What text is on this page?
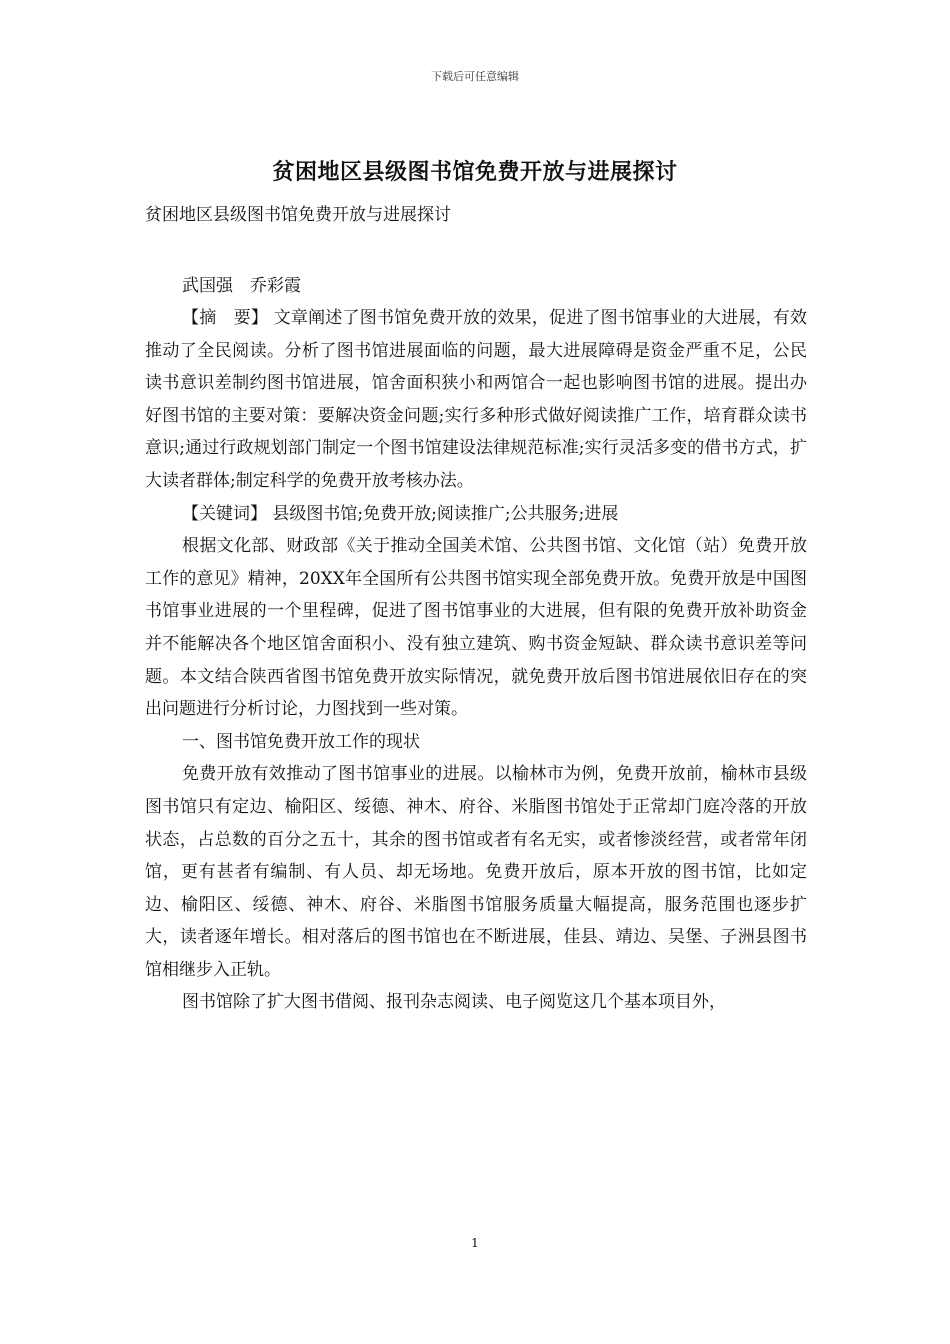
下载后可任意编辑
贫困地区县级图书馆免费开放与进展探讨
贫困地区县级图书馆免费开放与进展探讨
武国强　乔彩霞

【摘　要】 文章阐述了图书馆免费开放的效果，促进了图书馆事业的大进展，有效推动了全民阅读。分析了图书馆进展面临的问题，最大进展障碍是资金严重不足，公民读书意识差制约图书馆进展，馆舍面积狭小和两馆合一起也影响图书馆的进展。提出办好图书馆的主要对策：要解决资金问题;实行多种形式做好阅读推广工作，培育群众读书意识;通过行政规划部门制定一个图书馆建设法律规范标准;实行灵活多变的借书方式，扩大读者群体;制定科学的免费开放考核办法。

【关键词】 县级图书馆;免费开放;阅读推广;公共服务;进展

根据文化部、财政部《关于推动全国美术馆、公共图书馆、文化馆（站）免费开放工作的意见》精神，20XX年全国所有公共图书馆实现全部免费开放。免费开放是中国图书馆事业进展的一个里程碑，促进了图书馆事业的大进展，但有限的免费开放补助资金并不能解决各个地区馆舍面积小、没有独立建筑、购书资金短缺、群众读书意识差等问题。本文结合陕西省图书馆免费开放实际情况，就免费开放后图书馆进展依旧存在的突出问题进行分析讨论，力图找到一些对策。

一、图书馆免费开放工作的现状

免费开放有效推动了图书馆事业的进展。以榆林市为例，免费开放前，榆林市县级图书馆只有定边、榆阳区、绥德、神木、府谷、米脂图书馆处于正常却门庭冷落的开放状态，占总数的百分之五十，其余的图书馆或者有名无实，或者惨淡经营，或者常年闭馆，更有甚者有编制、有人员、却无场地。免费开放后，原本开放的图书馆，比如定边、榆阳区、绥德、神木、府谷、米脂图书馆服务质量大幅提高，服务范围也逐步扩大，读者逐年增长。相对落后的图书馆也在不断进展，佳县、靖边、吴堡、子洲县图书馆相继步入正轨。

图书馆除了扩大图书借阅、报刊杂志阅读、电子阅览这几个基本项目外，

1
